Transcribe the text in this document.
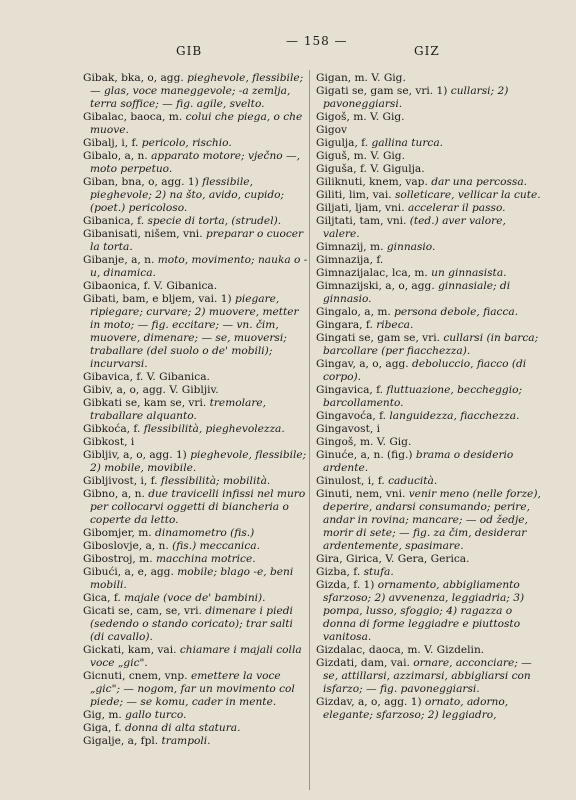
GIB
— 158 —
GIZ
Gibak, bka, o, agg. pieghevole, flessibile; — glas, voce maneggevole; -a zemlja, terra soffice; — fig. agile, svelto.
Gibalac, baoca, m. colui che piega, o che muove.
Gibalj, i, f. pericolo, rischio.
Gibalo, a, n. apparato motore; vječno —, moto perpetuo.
Giban, bna, o, agg. 1) flessibile, pieghevole; 2) na što, avido, cupido; (poet.) pericoloso.
Gibanica, f. specie di torta, (strudel).
Gibanisati, nišem, vni. preparar o cuocer la torta.
Gibanje, a, n. moto, movimento; nauka o -u, dinamica.
Gibaonica, f. V. Gibanica.
Gibati, bam, e bljem, vai. 1) piegare, ripiegare; curvare; 2) muovere, metter in moto; — fig. eccitare; — vn. čim, muovere, dimenare; — se, muoversi; traballare (del suolo o de' mobili); incurvarsi.
Gibavica, f. V. Gibanica.
Gibiv, a, o, agg. V. Gibljiv.
Gibkati se, kam se, vri. tremolare, traballare alquanto.
Gibkoća, f. flessibilità, pieghevolezza.
Gibkost, i
Gibljiv, a, o, agg. 1) pieghevole, flessibile; 2) mobile, movibile.
Gibljivost, i, f. flessibilità; mobilità.
Gibno, a, n. due travicelli infissi nel muro per collocarvi oggetti di biancheria o coperte da letto.
Gibomjer, m. dinamometro (fis.)
Giboslovje, a, n. (fis.) meccanica.
Gibostroj, m. macchina motrice.
Gibući, a, e, agg. mobile; blago -e, beni mobili.
Gica, f. majale (voce de' bambini).
Gicati se, cam, se, vri. dimenare i piedi (sedendo o stando coricato); trar salti (di cavallo).
Gickati, kam, vai. chiamare i majali colla voce „gic".
Gicnuti, cnem, vnp. emettere la voce „gic"; — nogom, far un movimento col piede; — se komu, cader in mente.
Gig, m. gallo turco.
Giga, f. donna di alta statura.
Gigalje, a, fpl. trampoli.
Gigan, m. V. Gig.
Gigati se, gam se, vri. 1) cullarsi; 2) pavoneggiarsi.
Gigoš, m. V. Gig.
Gigov
Gigulja, f. gallina turca.
Giguš, m. V. Gig.
Giguša, f. V. Gigulja.
Giliknuti, knem, vap. dar una percossa.
Giliti, lim, vai. solleticare, vellicar la cute.
Giljati, ljam, vni. accelerar il passo.
Giljtati, tam, vni. (ted.) aver valore, valere.
Gimnazij, m. ginnasio.
Gimnazija, f.
Gimnazijalac, lca, m. un ginnasista.
Gimnazijski, a, o, agg. ginnasiale; di ginnasio.
Gingalo, a, m. persona debole, fiacca.
Gingara, f. ribeca.
Gingati se, gam se, vri. cullarsi (in barca; barcollare (per fiacchezza).
Gingav, a, o, agg. deboluccio, fiacco (di corpo).
Gingavica, f. fluttuazione, beccheggio; barcollamento.
Gingavoća, f. languidezza, fiacchezza.
Gingavost, i
Gingoš, m. V. Gig.
Ginuće, a, n. (fig.) brama o desiderio ardente.
Ginulost, i, f. caducità.
Ginuti, nem, vni. venir meno (nelle forze), deperire, andarsi consumando; perire, andar in rovina; mancare; — od žedje, morir di sete; — fig. za čim, desiderar ardentemente, spasimare.
Gira, Girica, V. Gera, Gerica.
Gizba, f. stufa.
Gizda, f. 1) ornamento, abbigliamento sfarzoso; 2) avvenenza, leggiadria; 3) pompa, lusso, sfoggio; 4) ragazza o donna di forme leggiadre e piuttosto vanitosa.
Gizdalac, daoca, m. V. Gizdelin.
Gizdati, dam, vai. ornare, acconciare; — se, attillarsi, azzimarsi, abbigliarsi con isfarzo; — fig. pavoneggiarsi.
Gizdav, a, o, agg. 1) ornato, adorno, elegante; sfarzoso; 2) leggiadro,
